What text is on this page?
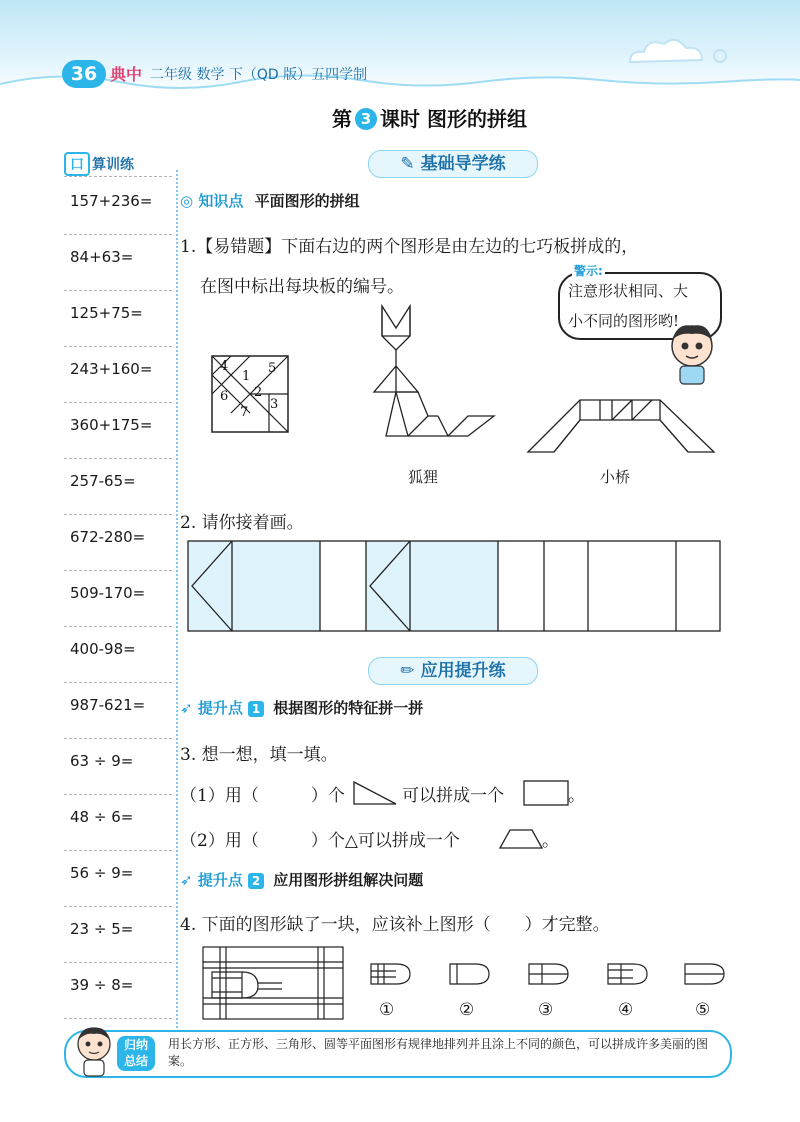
36 典中 二年级 数学 下（QD 版）五四学制
第 3 课时 图形的拼组
口 算训练
157+236=
84+63=
125+75=
243+160=
360+175=
257-65=
672-280=
509-170=
400-98=
987-621=
63 ÷ 9=
48 ÷ 6=
56 ÷ 9=
23 ÷ 5=
39 ÷ 8=
✎ 基础导学练
◎ 知识点 平面图形的拼组
1.【易错题】下面右边的两个图形是由左边的七巧板拼成的，
在图中标出每块板的编号。	注意形状相同、大
小不同的图形哟!
警示:
4	5
1
6 2
3
7
狐狸	小桥
2. 请你接着画。
✏ 应用提升练
➶ 提升点 1 根据图形的特征拼一拼
3. 想一想，填一填。
（1）用（	）个	可以拼成一个	。
（2）用（	）个△可以拼成一个	。
➶ 提升点 2 应用图形拼组解决问题
4. 下面的图形缺了一块，应该补上图形（　　）才完整。
①	②	③	④	⑤
归纳
总结
用长方形、正方形、三角形、圆等平面图形有规律地排列并且涂上不同的颜色，可以拼成许多美丽的图案。
